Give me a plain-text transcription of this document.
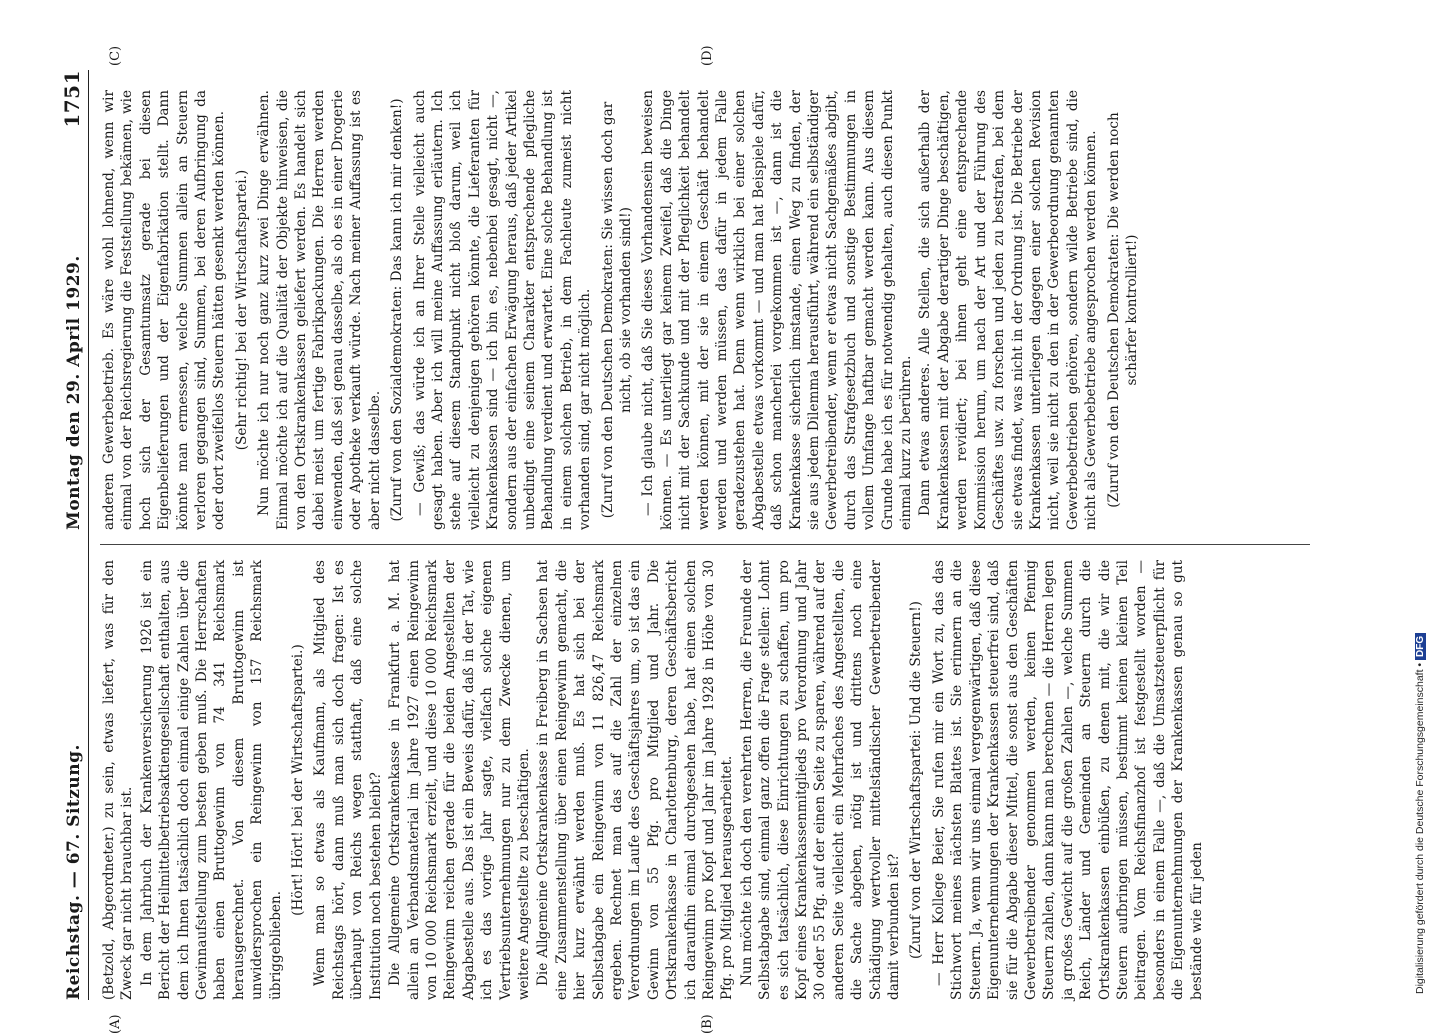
Reichstag. — 67. Sitzung.
Montag den 29. April 1929.
1751
(A)	(B)
(C)	(D)

(Betzold, Abgeordneter.) zu sein, etwas liefert, was für den Zweck gar nicht brauchbar ist. In dem Jahrbuch der Krankenversicherung 1926 ist ein Bericht der Heilmittelbetriebsaktiengesellschaft enthalten, aus dem ich Ihnen tatsächlich doch einmal einige Zahlen über die Gewinnaufstellung zum besten geben muß. Die Herrschaften haben einen Bruttogewinn von 74 341 Reichsmark herausgerechnet. Von diesem Bruttogewinn ist unwidersprochen ein Reingewinn von 157 Reichsmark übriggeblieben.

(Hört! Hört! bei der Wirtschaftspartei.) Wenn man so etwas als Kaufmann, als Mitglied des Reichstags hört, dann muß man sich doch fragen: Ist es überhaupt von Reichs wegen statthaft, daß eine solche Institution noch bestehen bleibt? Die Allgemeine Ortskrankenkasse in Frankfurt a. M. hat allein an Verbandsmaterial im Jahre 1927 einen Reingewinn von 10 000 Reichsmark erzielt, und diese 10 000 Reichsmark Reingewinn reichen gerade für die beiden Angestellten der Abgabestelle aus. Das ist ein Beweis dafür, daß in der Tat, wie ich es das vorige Jahr sagte, vielfach solche eigenen Vertriebsunternehmungen nur zu dem Zwecke dienen, um weitere Angestellte zu beschäftigen. Die Allgemeine Ortskrankenkasse in Freiberg in Sachsen hat eine Zusammenstellung über einen Reingewinn gemacht, die hier kurz erwähnt werden muß. Es hat sich bei der Selbstabgabe ein Reingewinn von 11 826,47 Reichsmark ergeben. Rechnet man das auf die Zahl der einzelnen Verordnungen im Laufe des Geschäftsjahres um, so ist das ein Gewinn von 55 Pfg. pro Mitglied und Jahr. Die Ortskrankenkasse in Charlottenburg, deren Geschäftsbericht ich daraufhin einmal durchgesehen habe, hat einen solchen Reingewinn pro Kopf und Jahr im Jahre 1928 in Höhe von 30 Pfg. pro Mitglied herausgearbeitet. Nun möchte ich doch den verehrten Herren, die Freunde der Selbstabgabe sind, einmal ganz offen die Frage stellen: Lohnt es sich tatsächlich, diese Einrichtungen zu schaffen, um pro Kopf eines Krankenkassenmitglieds pro Verordnung und Jahr 30 oder 55 Pfg. auf der einen Seite zu sparen, während auf der anderen Seite vielleicht ein Mehrfaches des Angestellten, die die Sache abgeben, nötig ist und drittens noch eine Schädigung wertvoller mittelständischer Gewerbetreibender damit verbunden ist? (Zuruf von der Wirtschaftspartei: Und die Steuern!) — Herr Kollege Beier, Sie rufen mir ein Wort zu, das das Stichwort meines nächsten Blattes ist. Sie erinnern an die Steuern. Ja, wenn wir uns einmal vergegenwärtigen, daß diese Eigenunternehmungen der Krankenkassen steuerfrei sind, daß sie für die Abgabe dieser Mittel, die sonst aus den Geschäften Gewerbetreibender genommen werden, keinen Pfennig Steuern zahlen, dann kann man berechnen — die Herren legen ja großes Gewicht auf die großen Zahlen —, welche Summen Reich, Länder und Gemeinden an Steuern durch die Ortskrankenkassen einbüßen, zu denen mit, die wir die Steuern aufbringen müssen, bestimmt keinen kleinen Teil beitragen. Vom Reichsfinanzhof ist festgestellt worden — besonders in einem Falle —, daß die Umsatzsteuerpflicht für die Eigenunternehmungen der Krankenkassen genau so gut bestände wie für jeden

anderen Gewerbebetrieb. Es wäre wohl lohnend, wenn wir einmal von der Reichsregierung die Feststellung bekämen, wie hoch sich der Gesamtumsatz gerade bei diesen Eigenbelieferungen und der Eigenfabrikation stellt. Dann könnte man ermessen, welche Summen allein an Steuern verloren gegangen sind, Summen, bei deren Aufbringung da oder dort zweifellos Steuern hätten gesenkt werden können. (Sehr richtig! bei der Wirtschaftspartei.) Nun möchte ich nur noch ganz kurz zwei Dinge erwähnen. Einmal möchte ich auf die Qualität der Objekte hinweisen, die von den Ortskrankenkassen geliefert werden. Es handelt sich dabei meist um fertige Fabrikpackungen. Die Herren werden einwenden, daß sei genau dasselbe, als ob es in einer Drogerie oder Apotheke verkauft würde. Nach meiner Auffassung ist es aber nicht dasselbe. (Zuruf von den Sozialdemokraten: Das kann ich mir denken!) — Gewiß; das würde ich an Ihrer Stelle vielleicht auch gesagt haben. Aber ich will meine Auffassung erläutern. Ich stehe auf diesem Standpunkt nicht bloß darum, weil ich vielleicht zu denjenigen gehören könnte, die Lieferanten für Krankenkassen sind — ich bin es, nebenbei gesagt, nicht —, sondern aus der einfachen Erwägung heraus, daß jeder Artikel unbedingt eine seinem Charakter entsprechende pflegliche Behandlung verdient und erwartet. Eine solche Behandlung ist in einem solchen Betrieb, in dem Fachleute zumeist nicht vorhanden sind, gar nicht möglich. (Zuruf von den Deutschen Demokraten: Sie wissen doch gar nicht, ob sie vorhanden sind!) — Ich glaube nicht, daß Sie dieses Vorhandensein beweisen können. — Es unterliegt gar keinem Zweifel, daß die Dinge nicht mit der Sachkunde und mit der Pfleglichkeit behandelt werden können, mit der sie in einem Geschäft behandelt werden und werden müssen, das dafür in jedem Falle geradezustehen hat. Denn wenn wirklich bei einer solchen Abgabestelle etwas vorkommt — und man hat Beispiele dafür, daß schon mancherlei vorgekommen ist —, dann ist die Krankenkasse sicherlich imstande, einen Weg zu finden, der sie aus jedem Dilemma herausführt, während ein selbständiger Gewerbetreibender, wenn er etwas nicht Sachgemäßes abgibt, durch das Strafgesetzbuch und sonstige Bestimmungen in vollem Umfange haftbar gemacht werden kann. Aus diesem Grunde habe ich es für notwendig gehalten, auch diesen Punkt einmal kurz zu berühren. Dann etwas anderes. Alle Stellen, die sich außerhalb der Krankenkassen mit der Abgabe derartiger Dinge beschäftigen, werden revidiert; bei ihnen geht eine entsprechende Kommission herum, um nach der Art und der Führung des Geschäftes usw. zu forschen und jeden zu bestrafen, bei dem sie etwas findet, was nicht in der Ordnung ist. Die Betriebe der Krankenkassen unterliegen dagegen einer solchen Revision nicht, weil sie nicht zu den in der Gewerbeordnung genannten Gewerbebetrieben gehören, sondern wilde Betriebe sind, die nicht als Gewerbebetriebe angesprochen werden können. (Zuruf von den Deutschen Demokraten: Die werden noch schärfer kontrolliert!)

Digitalisierung gefördert durch die Deutsche Forschungsgemeinschaft • DFG
